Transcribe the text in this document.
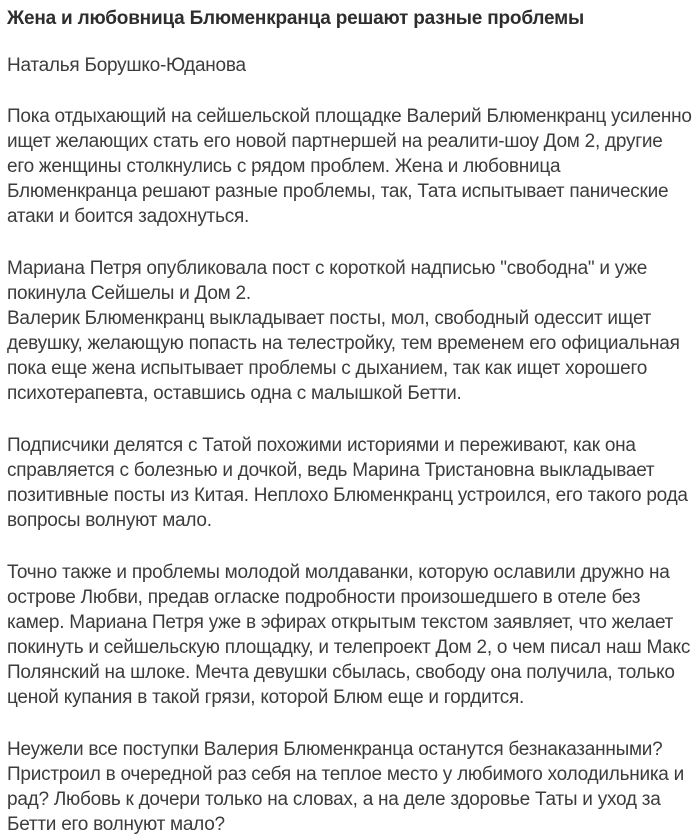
Жена и любовница Блюменкранца решают разные проблемы
Наталья Борушко-Юданова

Пока отдыхающий на сейшельской площадке Валерий Блюменкранц усиленно ищет желающих стать его новой партнершей на реалити-шоу Дом 2, другие его женщины столкнулись с рядом проблем. Жена и любовница Блюменкранца решают разные проблемы, так, Тата испытывает панические атаки и боится задохнуться.

Мариана Петря опубликовала пост с короткой надписью "свободна" и уже покинула Сейшелы и Дом 2.

Валерик Блюменкранц выкладывает посты, мол, свободный одессит ищет девушку, желающую попасть на телестройку, тем временем его официальная пока еще жена испытывает проблемы с дыханием, так как ищет хорошего психотерапевта, оставшись одна с малышкой Бетти.

Подписчики делятся с Татой похожими историями и переживают, как она справляется с болезнью и дочкой, ведь Марина Тристановна выкладывает позитивные посты из Китая. Неплохо Блюменкранц устроился, его такого рода вопросы волнуют мало.

Точно также и проблемы молодой молдаванки, которую ославили дружно на острове Любви, предав огласке подробности произошедшего в отеле без камер. Мариана Петря уже в эфирах открытым текстом заявляет, что желает покинуть и сейшельскую площадку, и телепроект Дом 2, о чем писал наш Макс Полянский на шлоке. Мечта девушки сбылась, свободу она получила, только ценой купания в такой грязи, которой Блюм еще и гордится.

Неужели все поступки Валерия Блюменкранца останутся безнаказанными? Пристроил в очередной раз себя на теплое место у любимого холодильника и рад? Любовь к дочери только на словах, а на деле здоровье Таты и уход за Бетти его волнуют мало?
